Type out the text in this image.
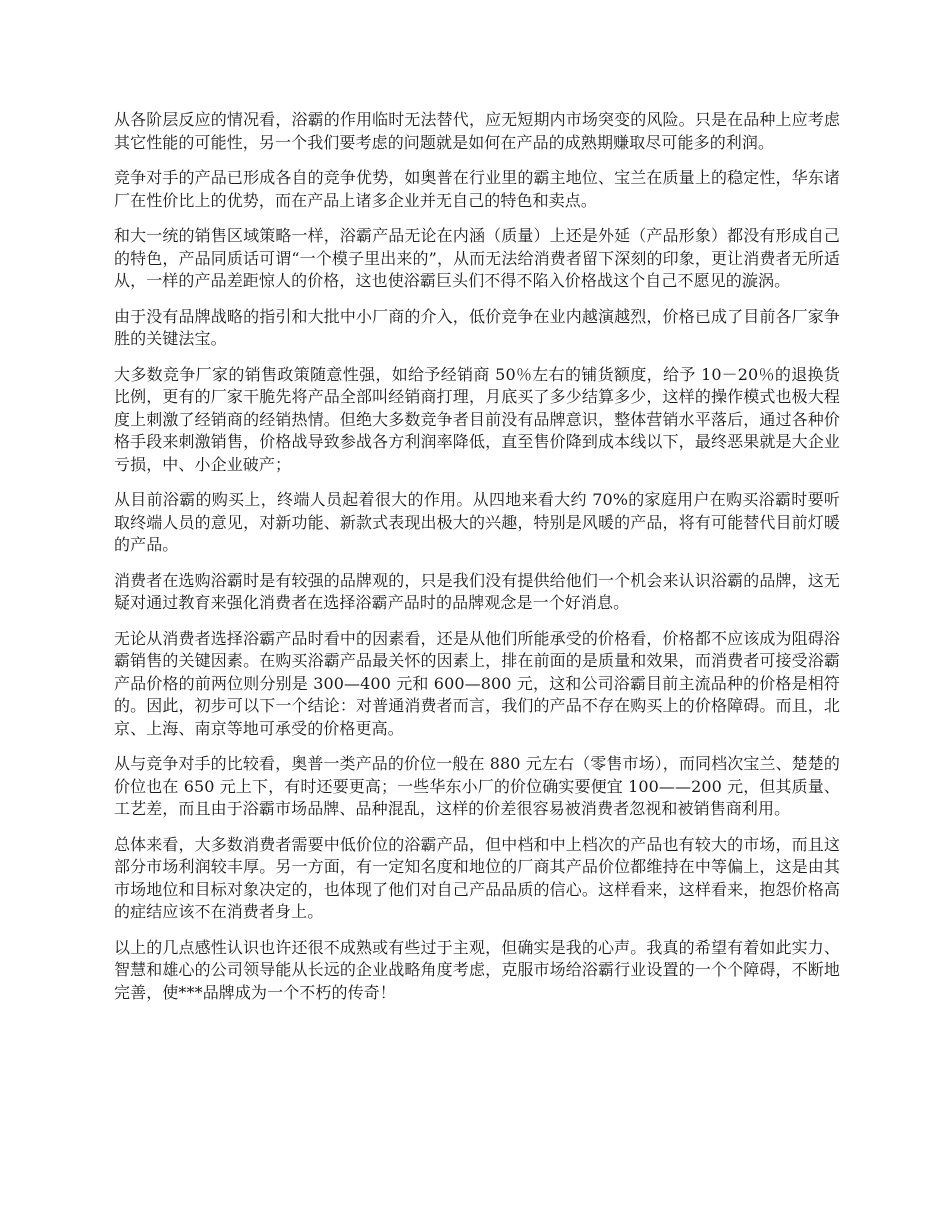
从各阶层反应的情况看，浴霸的作用临时无法替代，应无短期内市场突变的风险。只是在品种上应考虑其它性能的可能性，另一个我们要考虑的问题就是如何在产品的成熟期赚取尽可能多的利润。

竞争对手的产品已形成各自的竞争优势，如奥普在行业里的霸主地位、宝兰在质量上的稳定性，华东诸厂在性价比上的优势，而在产品上诸多企业并无自己的特色和卖点。

和大一统的销售区域策略一样，浴霸产品无论在内涵（质量）上还是外延（产品形象）都没有形成自己的特色，产品同质话可谓“一个模子里出来的”，从而无法给消费者留下深刻的印象，更让消费者无所适从，一样的产品差距惊人的价格，这也使浴霸巨头们不得不陷入价格战这个自己不愿见的漩涡。

由于没有品牌战略的指引和大批中小厂商的介入，低价竞争在业内越演越烈，价格已成了目前各厂家争胜的关键法宝。

大多数竞争厂家的销售政策随意性强，如给予经销商 50％左右的铺货额度，给予 10－20％的退换货比例，更有的厂家干脆先将产品全部叫经销商打理，月底买了多少结算多少，这样的操作模式也极大程度上刺激了经销商的经销热情。但绝大多数竞争者目前没有品牌意识，整体营销水平落后，通过各种价格手段来刺激销售，价格战导致参战各方利润率降低，直至售价降到成本线以下，最终恶果就是大企业亏损，中、小企业破产；

从目前浴霸的购买上，终端人员起着很大的作用。从四地来看大约 70%的家庭用户在购买浴霸时要听取终端人员的意见，对新功能、新款式表现出极大的兴趣，特别是风暖的产品，将有可能替代目前灯暖的产品。

消费者在选购浴霸时是有较强的品牌观的，只是我们没有提供给他们一个机会来认识浴霸的品牌，这无疑对通过教育来强化消费者在选择浴霸产品时的品牌观念是一个好消息。

无论从消费者选择浴霸产品时看中的因素看，还是从他们所能承受的价格看，价格都不应该成为阻碍浴霸销售的关键因素。在购买浴霸产品最关怀的因素上，排在前面的是质量和效果，而消费者可接受浴霸产品价格的前两位则分别是 300—400 元和 600—800 元，这和公司浴霸目前主流品种的价格是相符的。因此，初步可以下一个结论：对普通消费者而言，我们的产品不存在购买上的价格障碍。而且，北京、上海、南京等地可承受的价格更高。

从与竞争对手的比较看，奥普一类产品的价位一般在 880 元左右（零售市场），而同档次宝兰、楚楚的价位也在 650 元上下，有时还要更高；一些华东小厂的价位确实要便宜 100——200 元，但其质量、工艺差，而且由于浴霸市场品牌、品种混乱，这样的价差很容易被消费者忽视和被销售商利用。

总体来看，大多数消费者需要中低价位的浴霸产品，但中档和中上档次的产品也有较大的市场，而且这部分市场利润较丰厚。另一方面，有一定知名度和地位的厂商其产品价位都维持在中等偏上，这是由其市场地位和目标对象决定的，也体现了他们对自己产品品质的信心。这样看来，这样看来，抱怨价格高的症结应该不在消费者身上。

以上的几点感性认识也许还很不成熟或有些过于主观，但确实是我的心声。我真的希望有着如此实力、智慧和雄心的公司领导能从长远的企业战略角度考虑，克服市场给浴霸行业设置的一个个障碍，不断地完善，使***品牌成为一个不朽的传奇！
